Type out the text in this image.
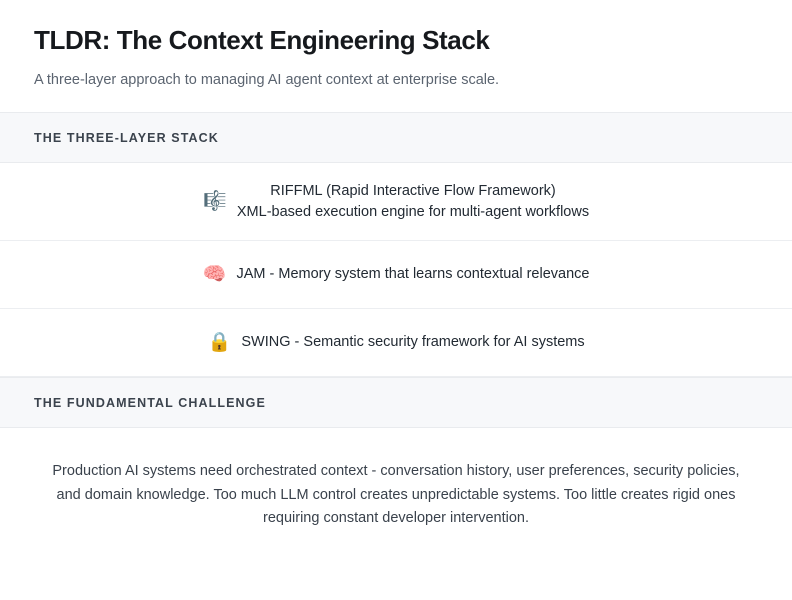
TLDR: The Context Engineering Stack

A three-layer approach to managing AI agent context at enterprise scale.

THE THREE-LAYER STACK
🎼
RIFFML (Rapid Interactive Flow Framework)
XML-based execution engine for multi-agent workflows
🧠 JAM - Memory system that learns contextual relevance
🔒 SWING - Semantic security framework for AI systems
THE FUNDAMENTAL CHALLENGE

Production AI systems need orchestrated context - conversation history, user preferences, security policies, and domain knowledge. Too much LLM control creates unpredictable systems. Too little creates rigid ones requiring constant developer intervention.
